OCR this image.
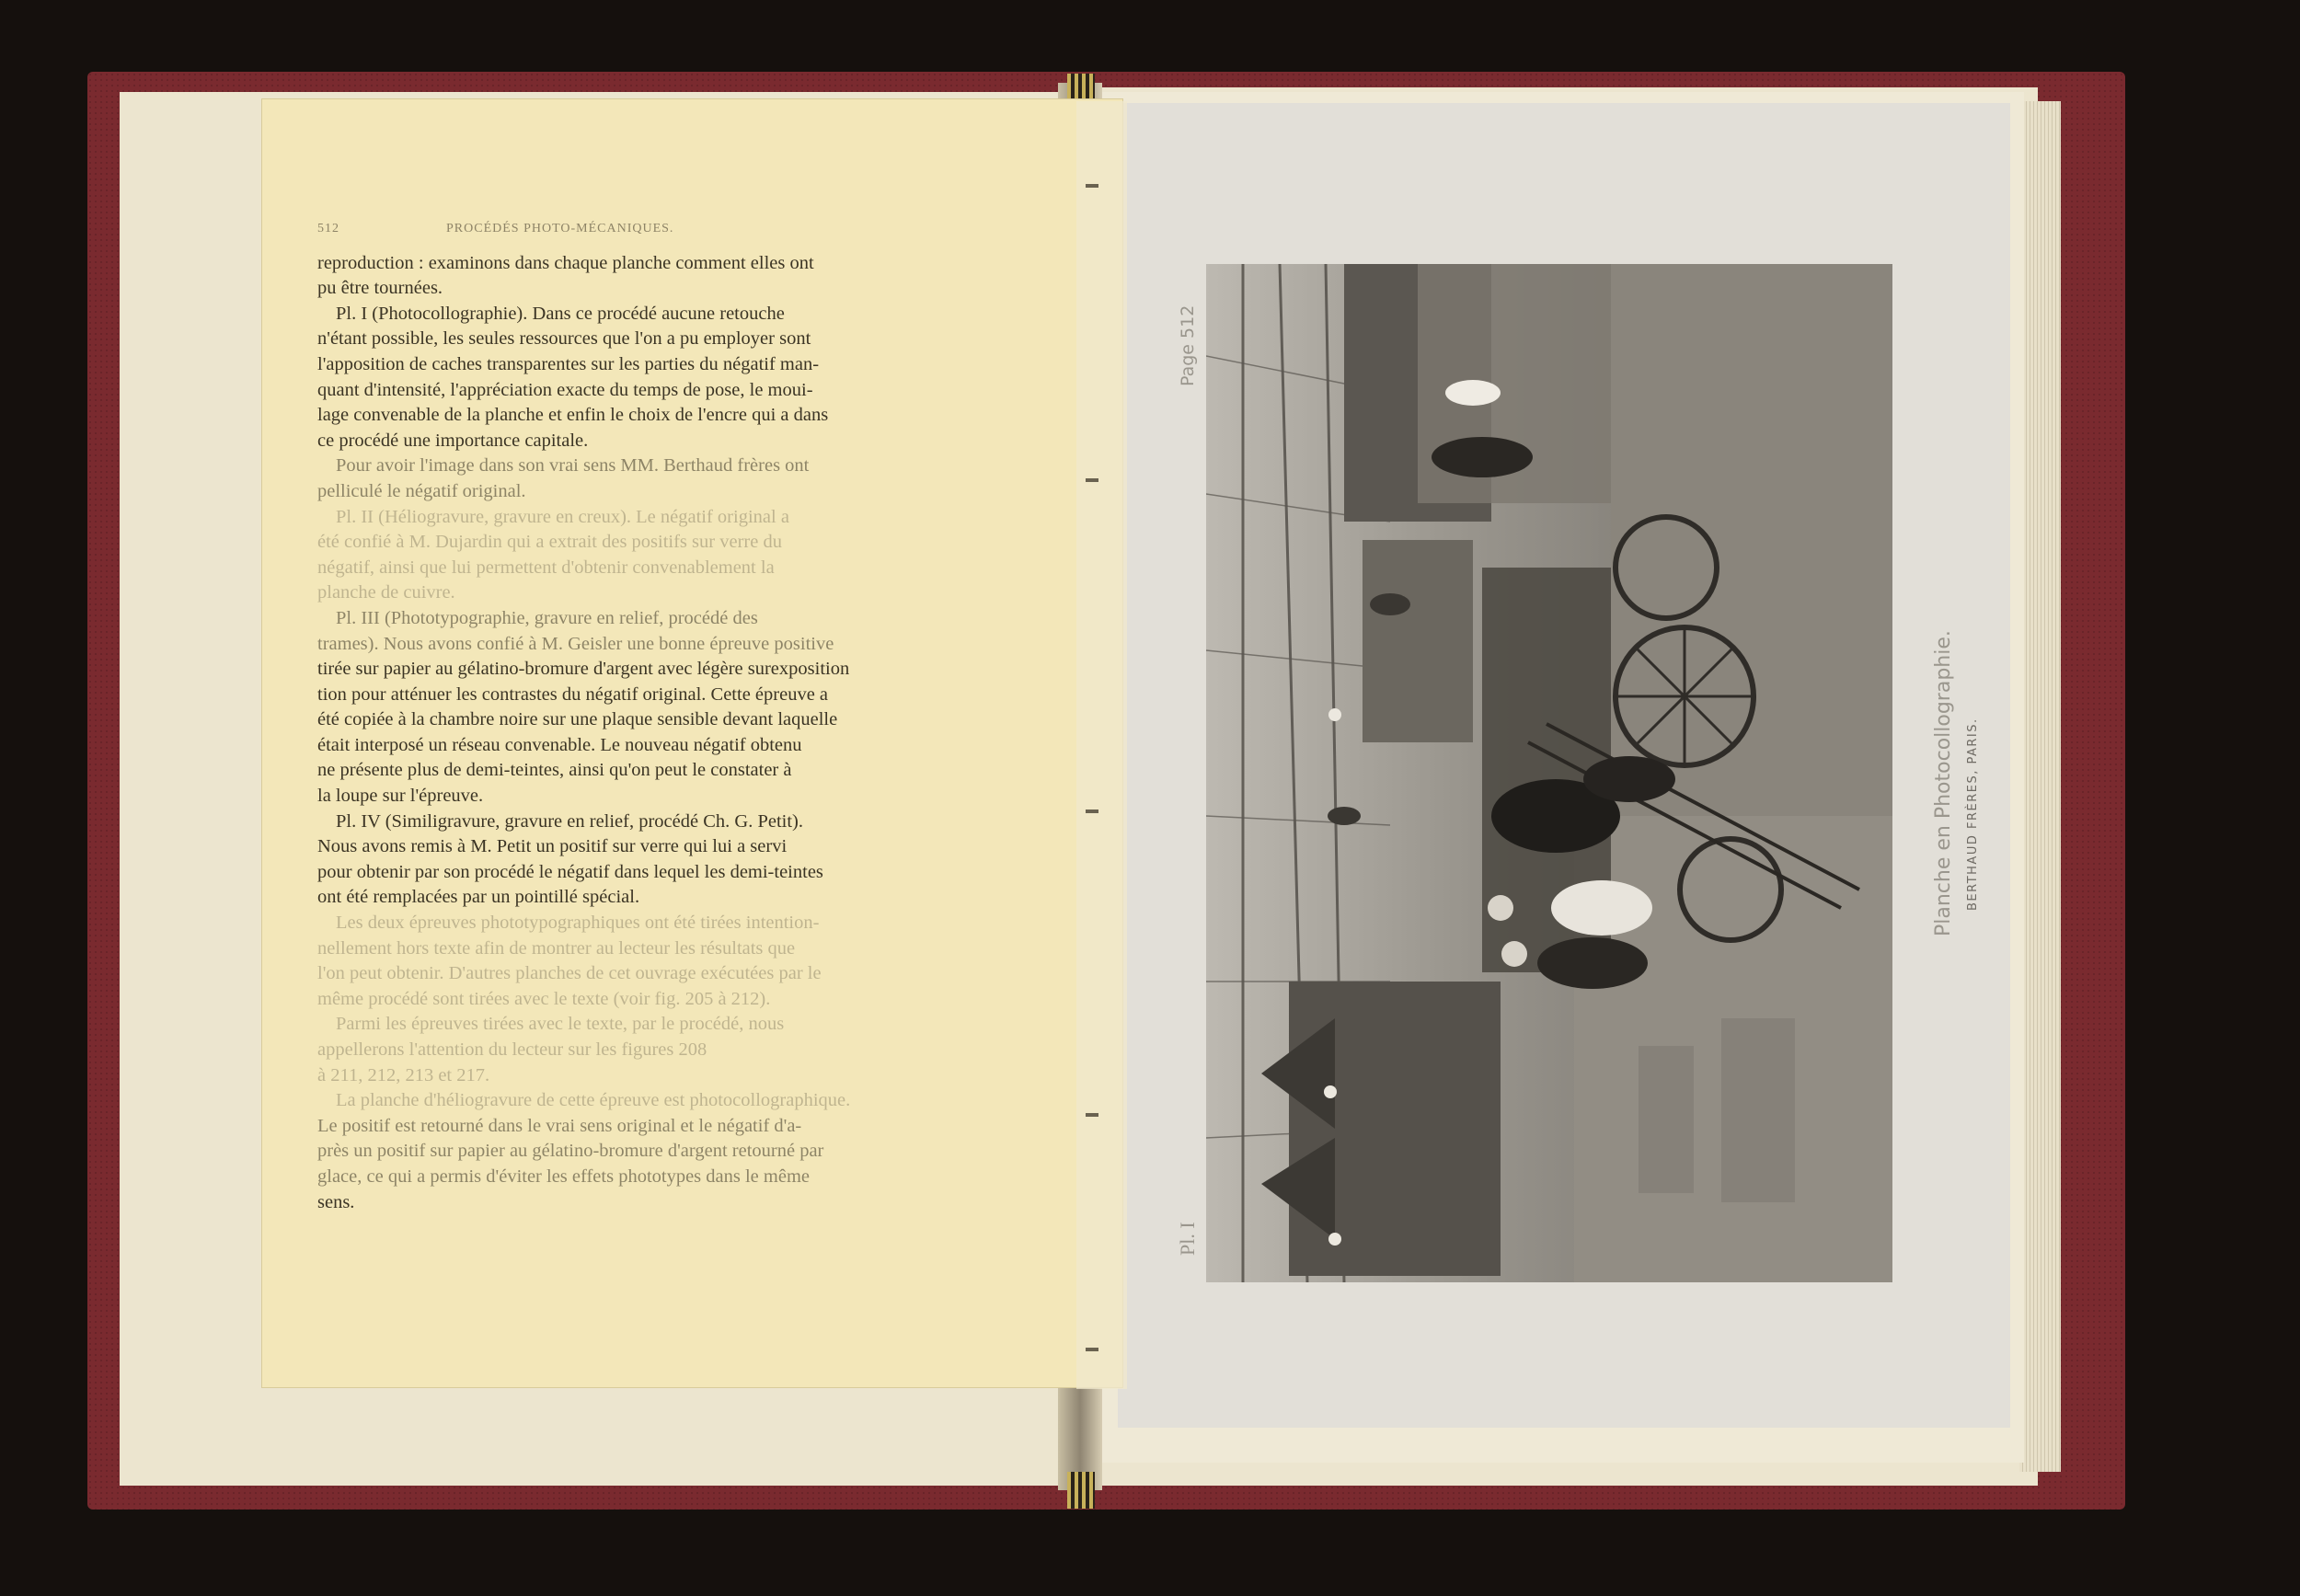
Page 512
Pl. I
Planche en Photocollographie. BERTHAUD FRÈRES, PARIS.
512	PROCÉDÉS PHOTO-MÉCANIQUES.
reproduction : examinons dans chaque planche comment elles ont
pu être tournées.
Pl. I (Photocollographie). Dans ce procédé aucune retouche
n'étant possible, les seules ressources que l'on a pu employer sont
l'apposition de caches transparentes sur les parties du négatif man-
quant d'intensité, l'appréciation exacte du temps de pose, le moui-
lage convenable de la planche et enfin le choix de l'encre qui a dans
ce procédé une importance capitale.
Pour avoir l'image dans son vrai sens MM. Berthaud frères ont
pelliculé le négatif original.
Pl. II (Héliogravure, gravure en creux). Le négatif original a
été confié à M. Dujardin qui a extrait des positifs sur verre du
négatif, ainsi que lui permettent d'obtenir convenablement la
planche de cuivre.
Pl. III (Phototypographie, gravure en relief, procédé des
trames). Nous avons confié à M. Geisler une bonne épreuve positive
tirée sur papier au gélatino-bromure d'argent avec légère surexposition
tion pour atténuer les contrastes du négatif original. Cette épreuve a
été copiée à la chambre noire sur une plaque sensible devant laquelle
était interposé un réseau convenable. Le nouveau négatif obtenu
ne présente plus de demi-teintes, ainsi qu'on peut le constater à
la loupe sur l'épreuve.
Pl. IV (Similigravure, gravure en relief, procédé Ch. G. Petit).
Nous avons remis à M. Petit un positif sur verre qui lui a servi
pour obtenir par son procédé le négatif dans lequel les demi-teintes
ont été remplacées par un pointillé spécial.
Les deux épreuves phototypographiques ont été tirées intention-
nellement hors texte afin de montrer au lecteur les résultats que
l'on peut obtenir. D'autres planches de cet ouvrage exécutées par le
même procédé sont tirées avec le texte (voir fig. 205 à 212).
Parmi les épreuves tirées avec le texte, par le procédé, nous
appellerons l'attention du lecteur sur les figures 208
à 211, 212, 213 et 217.
La planche d'héliogravure de cette épreuve est photocollographique.
Le positif est retourné dans le vrai sens original et le négatif d'a-
près un positif sur papier au gélatino-bromure d'argent retourné par
glace, ce qui a permis d'éviter les effets phototypes dans le même
sens.
